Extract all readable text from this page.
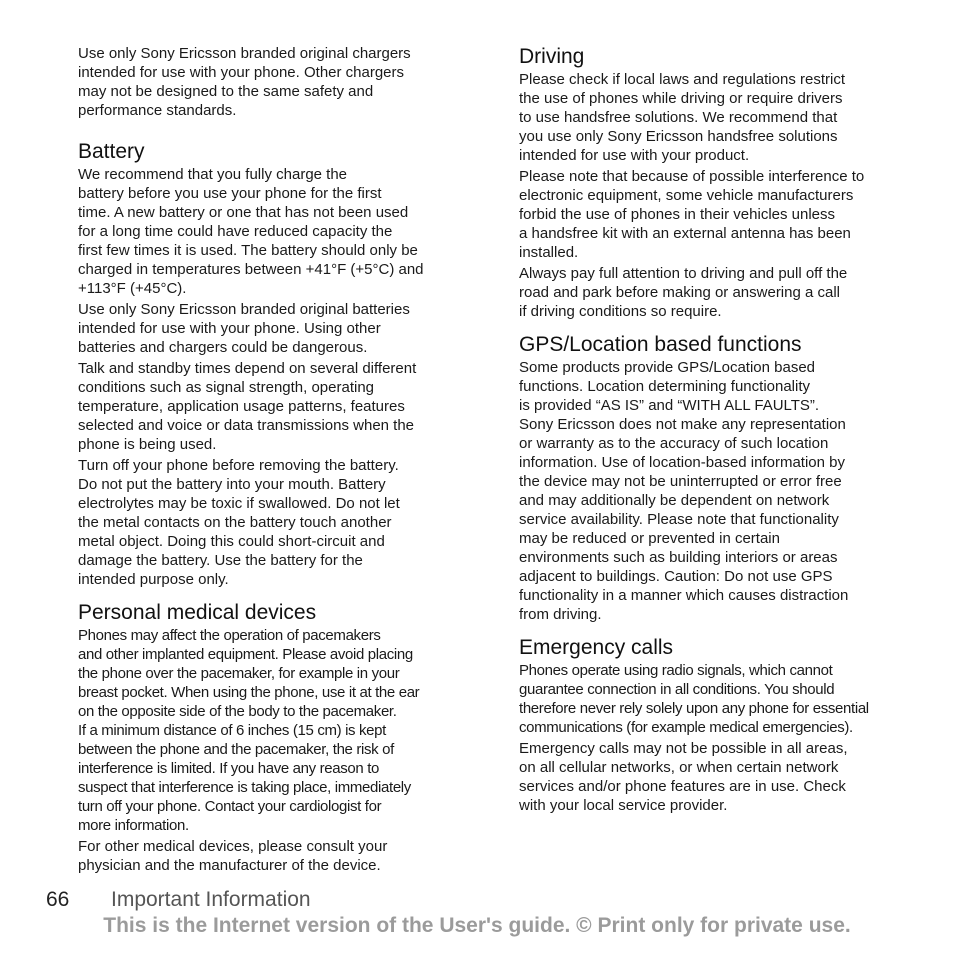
Use only Sony Ericsson branded original chargers
intended for use with your phone. Other chargers
may not be designed to the same safety and
performance standards.

Battery

We recommend that you fully charge the
battery before you use your phone for the first
time. A new battery or one that has not been used
for a long time could have reduced capacity the
first few times it is used. The battery should only be
charged in temperatures between +41°F (+5°C) and
+113°F (+45°C).

Use only Sony Ericsson branded original batteries
intended for use with your phone. Using other
batteries and chargers could be dangerous.

Talk and standby times depend on several different
conditions such as signal strength, operating
temperature, application usage patterns, features
selected and voice or data transmissions when the
phone is being used.

Turn off your phone before removing the battery.
Do not put the battery into your mouth. Battery
electrolytes may be toxic if swallowed. Do not let
the metal contacts on the battery touch another
metal object. Doing this could short-circuit and
damage the battery. Use the battery for the
intended purpose only.

Personal medical devices

Phones may affect the operation of pacemakers
and other implanted equipment. Please avoid placing
the phone over the pacemaker, for example in your
breast pocket. When using the phone, use it at the ear
on the opposite side of the body to the pacemaker.
If a minimum distance of 6 inches (15 cm) is kept
between the phone and the pacemaker, the risk of
interference is limited. If you have any reason to
suspect that interference is taking place, immediately
turn off your phone. Contact your cardiologist for
more information.

For other medical devices, please consult your
physician and the manufacturer of the device.

Driving

Please check if local laws and regulations restrict
the use of phones while driving or require drivers
to use handsfree solutions. We recommend that
you use only Sony Ericsson handsfree solutions
intended for use with your product.

Please note that because of possible interference to
electronic equipment, some vehicle manufacturers
forbid the use of phones in their vehicles unless
a handsfree kit with an external antenna has been
installed.

Always pay full attention to driving and pull off the
road and park before making or answering a call
if driving conditions so require.

GPS/Location based functions

Some products provide GPS/Location based
functions. Location determining functionality
is provided “AS IS” and “WITH ALL FAULTS”.
Sony Ericsson does not make any representation
or warranty as to the accuracy of such location
information. Use of location-based information by
the device may not be uninterrupted or error free
and may additionally be dependent on network
service availability. Please note that functionality
may be reduced or prevented in certain
environments such as building interiors or areas
adjacent to buildings. Caution: Do not use GPS
functionality in a manner which causes distraction
from driving.

Emergency calls

Phones operate using radio signals, which cannot
guarantee connection in all conditions. You should
therefore never rely solely upon any phone for essential
communications (for example medical emergencies).

Emergency calls may not be possible in all areas,
on all cellular networks, or when certain network
services and/or phone features are in use. Check
with your local service provider.

66 Important Information
This is the Internet version of the User's guide. © Print only for private use.
